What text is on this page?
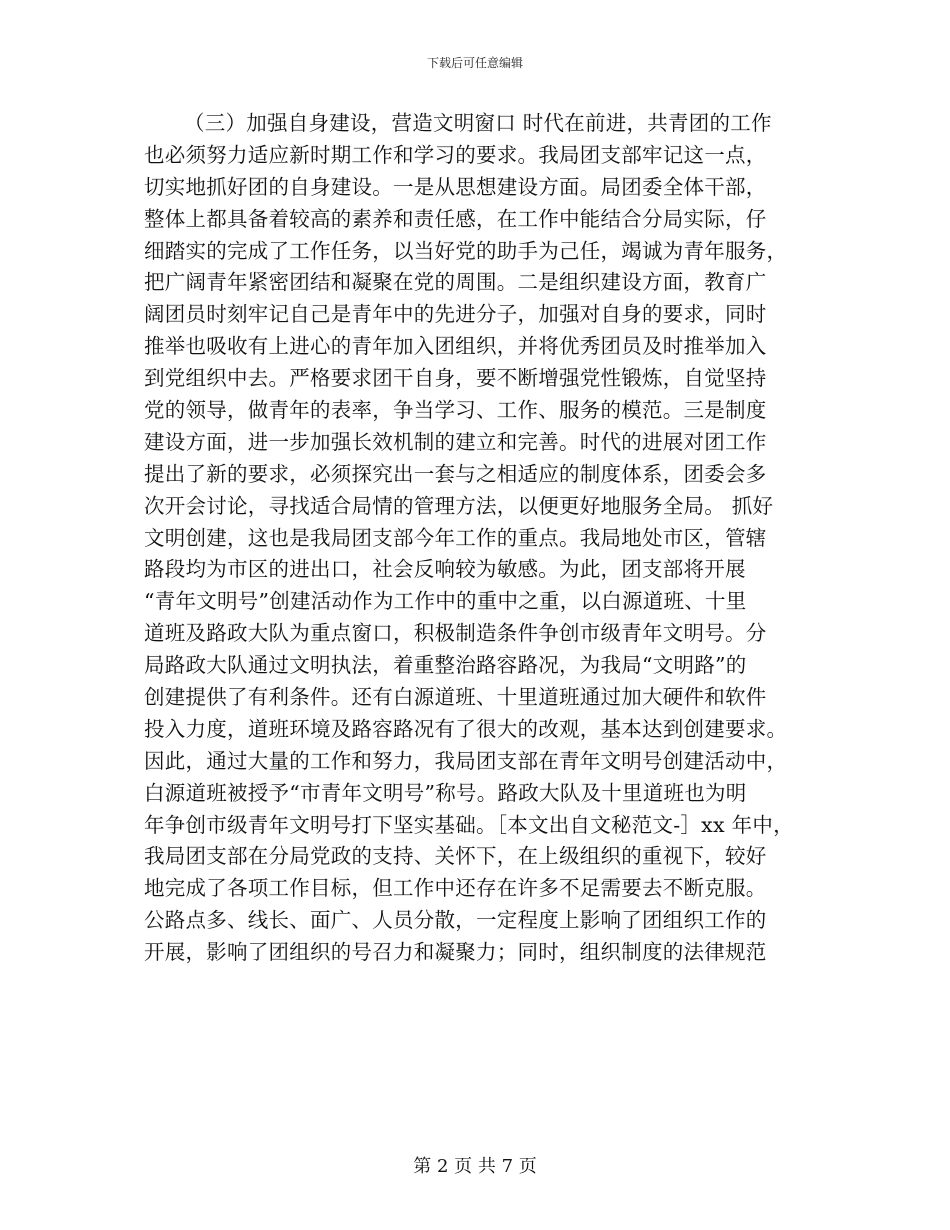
下载后可任意编辑
（三）加强自身建设，营造文明窗口 时代在前进，共青团的工作
也必须努力适应新时期工作和学习的要求。我局团支部牢记这一点，
切实地抓好团的自身建设。一是从思想建设方面。局团委全体干部，
整体上都具备着较高的素养和责任感，在工作中能结合分局实际，仔
细踏实的完成了工作任务，以当好党的助手为己任，竭诚为青年服务，
把广阔青年紧密团结和凝聚在党的周围。二是组织建设方面，教育广
阔团员时刻牢记自己是青年中的先进分子，加强对自身的要求，同时
推举也吸收有上进心的青年加入团组织，并将优秀团员及时推举加入
到党组织中去。严格要求团干自身，要不断增强党性锻炼，自觉坚持
党的领导，做青年的表率，争当学习、工作、服务的模范。三是制度
建设方面，进一步加强长效机制的建立和完善。时代的进展对团工作
提出了新的要求，必须探究出一套与之相适应的制度体系，团委会多
次开会讨论，寻找适合局情的管理方法，以便更好地服务全局。 抓好
文明创建，这也是我局团支部今年工作的重点。我局地处市区，管辖
路段均为市区的进出口，社会反响较为敏感。为此，团支部将开展
“青年文明号”创建活动作为工作中的重中之重，以白源道班、十里
道班及路政大队为重点窗口，积极制造条件争创市级青年文明号。分
局路政大队通过文明执法，着重整治路容路况，为我局“文明路”的
创建提供了有利条件。还有白源道班、十里道班通过加大硬件和软件
投入力度，道班环境及路容路况有了很大的改观，基本达到创建要求。
因此，通过大量的工作和努力，我局团支部在青年文明号创建活动中，
白源道班被授予“市青年文明号”称号。路政大队及十里道班也为明
年争创市级青年文明号打下坚实基础。［本文出自文秘范文-］xx 年中，
我局团支部在分局党政的支持、关怀下，在上级组织的重视下，较好
地完成了各项工作目标，但工作中还存在许多不足需要去不断克服。
公路点多、线长、面广、人员分散，一定程度上影响了团组织工作的
开展，影响了团组织的号召力和凝聚力；同时，组织制度的法律规范
第 2 页 共 7 页
